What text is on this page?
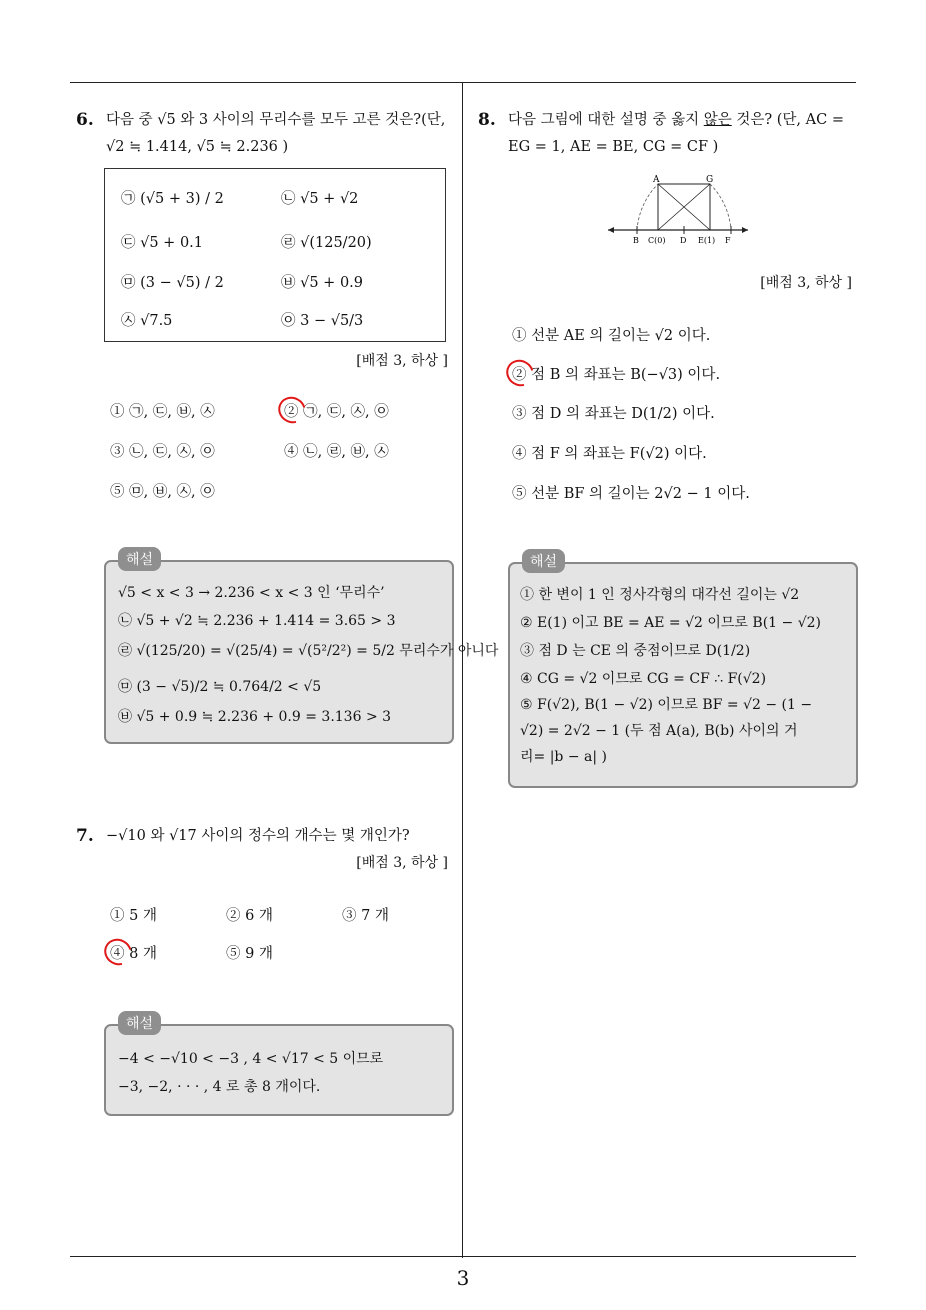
3
6. 다음 중 √5 와 3 사이의 무리수를 모두 고른 것은?(단,
√2 ≒ 1.414, √5 ≒ 2.236 )
㉠ (√5 + 3) / 2	㉡ √5 + √2
㉢ √5 + 0.1	㉣ √(125/20)
㉤ (3 − √5) / 2	㉥ √5 + 0.9
㉦ √7.5	㉧ 3 − √5/3
[배점 3, 하상 ]
① ㉠, ㉢, ㉥, ㉦	② ㉠, ㉢, ㉦, ㉧
③ ㉡, ㉢, ㉦, ㉧	④ ㉡, ㉣, ㉥, ㉦
⑤ ㉤, ㉥, ㉦, ㉧
√5 < x < 3 → 2.236 < x < 3 인 ‘무리수’
㉡ √5 + √2 ≒ 2.236 + 1.414 = 3.65 > 3
㉣ √(125/20) = √(25/4) = √(5²/2²) = 5/2 무리수가 아니다
㉤ (3 − √5)/2 ≒ 0.764/2 < √5
㉥ √5 + 0.9 ≒ 2.236 + 0.9 = 3.136 > 3
해설
7. −√10 와 √17 사이의 정수의 개수는 몇 개인가?
[배점 3, 하상 ]
① 5 개	② 6 개	③ 7 개
④ 8 개	⑤ 9 개
−4 < −√10 < −3 , 4 < √17 < 5 이므로
−3, −2, · · · , 4 로 총 8 개이다.
해설
8. 다음 그림에 대한 설명 중 옳지 않은 것은? (단, AC =
EG = 1, AE = BE, CG = CF )
A	G
B C(0) D E(1) F
[배점 3, 하상 ]
① 선분 AE 의 길이는 √2 이다.
② 점 B 의 좌표는 B(−√3) 이다.
③ 점 D 의 좌표는 D(1/2) 이다.
④ 점 F 의 좌표는 F(√2) 이다.
⑤ 선분 BF 의 길이는 2√2 − 1 이다.
① 한 변이 1 인 정사각형의 대각선 길이는 √2
② E(1) 이고 BE = AE = √2 이므로 B(1 − √2)
③ 점 D 는 CE 의 중점이므로 D(1/2)
④ CG = √2 이므로 CG = CF ∴ F(√2)
⑤ F(√2), B(1 − √2) 이므로 BF = √2 − (1 −
√2) = 2√2 − 1 (두 점 A(a), B(b) 사이의 거
리= |b − a| )
해설
